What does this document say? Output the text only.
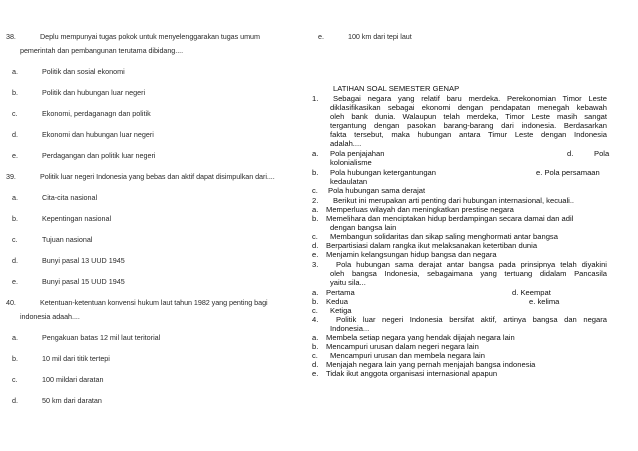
38.	Deplu mempunyai tugas pokok untuk menyelenggarakan tugas umum
pemerintah dan pembangunan terutama dibidang....
a.	Politik dan sosial ekonomi
b.	Politik dan hubungan luar negeri
c.	Ekonomi, perdaganagn dan politik
d.	Ekonomi dan hubungan luar negeri
e.	Perdagangan dan politik luar negeri
39.	Politik luar negeri Indonesia yang bebas dan aktif dapat disimpulkan dari....
a.	Cita-cita nasional
b.	Kepentingan nasional
c.	Tujuan nasional
d.	Bunyi pasal 13 UUD 1945
e.	Bunyi pasal 15 UUD 1945
40.	Ketentuan-ketentuan konvensi hukum laut tahun 1982 yang penting bagi
indonesia adaah....
a.	Pengakuan batas 12 mil laut teritorial
b.	10 mil dari titik tertepi
c.	100 mildari daratan
d.	50 km dari daratan
e.	100 km dari tepi laut
LATIHAN SOAL SEMESTER GENAP
1. Sebagai negara yang relatif baru merdeka. Perekonomian Timor Leste
diklasifikasikan sebagai ekonomi dengan pendapatan menegah kebawah
oleh bank dunia. Walaupun telah merdeka, Timor Leste masih sangat
tergantung dengan pasokan barang-barang dari indonesia. Berdasarkan
fakta tersebut, maka hubungan antara Timur Leste dengan Indonesia
adalah....
a. Pola penjajahan	d.	Pola
kolonialisme
b. Pola hubungan ketergantungan	e. Pola persamaan
kedaulatan
c. Pola hubungan sama derajat
2. Berikut ini merupakan arti penting dari hubungan internasional, kecuali..
a. Memperluas wilayah dan meningkatkan prestise negara
b. Memelihara dan menciptakan hidup berdampingan secara damai dan adil
dengan bangsa lain
c. Membangun solidaritas dan sikap saling menghormati antar bangsa
d. Berpartisiasi dalam rangka ikut melaksanakan ketertiban dunia
e. Menjamin kelangsungan hidup bangsa dan negara
3. Pola hubungan sama derajat antar bangsa pada prinsipnya telah diyakini
oleh bangsa Indonesia, sebagaimana yang tertuang didalam Pancasila
yaitu sila...
a. Pertama	d. Keempat
b. Kedua	e. kelima
c. Ketiga
4. Politik luar negeri Indonesia bersifat aktif, artinya bangsa dan negara
Indonesia...
a. Membela setiap negara yang hendak dijajah negara lain
b. Mencampuri urusan dalam negeri negara lain
c. Mencampuri urusan dan membela negara lain
d. Menjajah negara lain yang pernah menjajah bangsa indonesia
e. Tidak ikut anggota organisasi internasional apapun
